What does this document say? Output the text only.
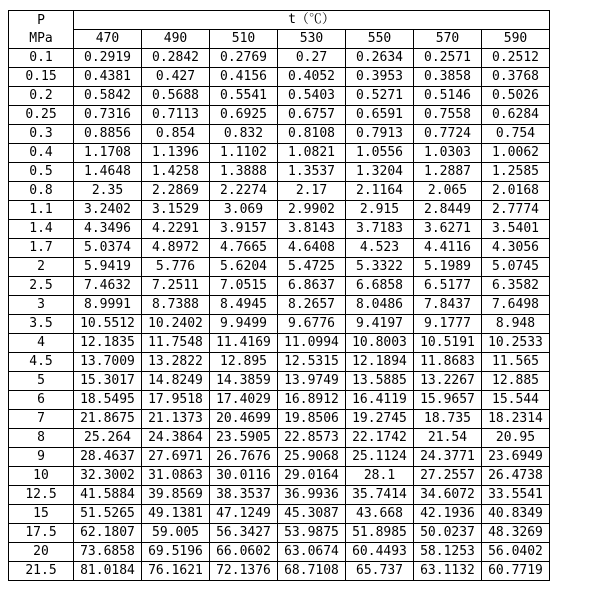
P
MPa	t（℃）						
	470	490	510	530	550	570	590
0.1	0.2919	0.2842	0.2769	0.27	0.2634	0.2571	0.2512
0.15	0.4381	0.427	0.4156	0.4052	0.3953	0.3858	0.3768
0.2	0.5842	0.5688	0.5541	0.5403	0.5271	0.5146	0.5026
0.25	0.7316	0.7113	0.6925	0.6757	0.6591	0.7558	0.6284
0.3	0.8856	0.854	0.832	0.8108	0.7913	0.7724	0.754
0.4	1.1708	1.1396	1.1102	1.0821	1.0556	1.0303	1.0062
0.5	1.4648	1.4258	1.3888	1.3537	1.3204	1.2887	1.2585
0.8	2.35	2.2869	2.2274	2.17	2.1164	2.065	2.0168
1.1	3.2402	3.1529	3.069	2.9902	2.915	2.8449	2.7774
1.4	4.3496	4.2291	3.9157	3.8143	3.7183	3.6271	3.5401
1.7	5.0374	4.8972	4.7665	4.6408	4.523	4.4116	4.3056
2	5.9419	5.776	5.6204	5.4725	5.3322	5.1989	5.0745
2.5	7.4632	7.2511	7.0515	6.8637	6.6858	6.5177	6.3582
3	8.9991	8.7388	8.4945	8.2657	8.0486	7.8437	7.6498
3.5	10.5512	10.2402	9.9499	9.6776	9.4197	9.1777	8.948
4	12.1835	11.7548	11.4169	11.0994	10.8003	10.5191	10.2533
4.5	13.7009	13.2822	12.895	12.5315	12.1894	11.8683	11.565
5	15.3017	14.8249	14.3859	13.9749	13.5885	13.2267	12.885
6	18.5495	17.9518	17.4029	16.8912	16.4119	15.9657	15.544
7	21.8675	21.1373	20.4699	19.8506	19.2745	18.735	18.2314
8	25.264	24.3864	23.5905	22.8573	22.1742	21.54	20.95
9	28.4637	27.6971	26.7676	25.9068	25.1124	24.3771	23.6949
10	32.3002	31.0863	30.0116	29.0164	28.1	27.2557	26.4738
12.5	41.5884	39.8569	38.3537	36.9936	35.7414	34.6072	33.5541
15	51.5265	49.1381	47.1249	45.3087	43.668	42.1936	40.8349
17.5	62.1807	59.005	56.3427	53.9875	51.8985	50.0237	48.3269
20	73.6858	69.5196	66.0602	63.0674	60.4493	58.1253	56.0402
21.5	81.0184	76.1621	72.1376	68.7108	65.737	63.1132	60.7719
